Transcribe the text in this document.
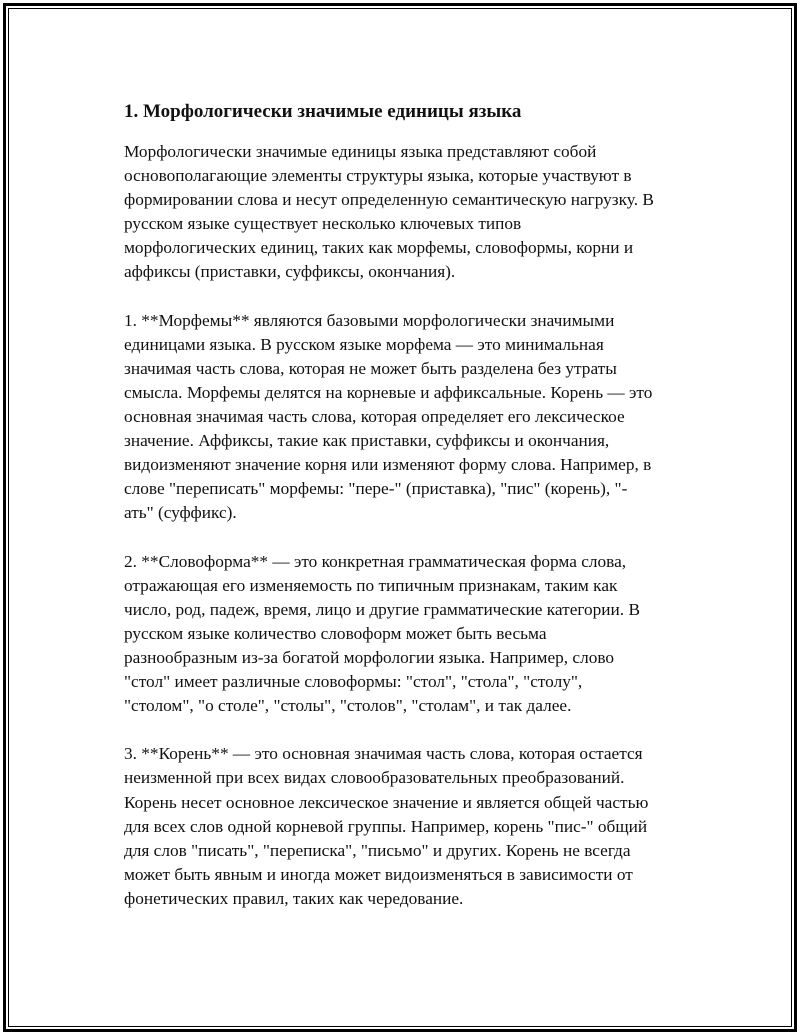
1. Морфологически значимые единицы языка

Морфологически значимые единицы языка представляют собой
основополагающие элементы структуры языка, которые участвуют в
формировании слова и несут определенную семантическую нагрузку. В
русском языке существует несколько ключевых типов
морфологических единиц, таких как морфемы, словоформы, корни и
аффиксы (приставки, суффиксы, окончания).

1. **Морфемы** являются базовыми морфологически значимыми
единицами языка. В русском языке морфема — это минимальная
значимая часть слова, которая не может быть разделена без утраты
смысла. Морфемы делятся на корневые и аффиксальные. Корень — это
основная значимая часть слова, которая определяет его лексическое
значение. Аффиксы, такие как приставки, суффиксы и окончания,
видоизменяют значение корня или изменяют форму слова. Например, в
слове "переписать" морфемы: "пере-" (приставка), "пис" (корень), "-
ать" (суффикс).

2. **Словоформа** — это конкретная грамматическая форма слова,
отражающая его изменяемость по типичным признакам, таким как
число, род, падеж, время, лицо и другие грамматические категории. В
русском языке количество словоформ может быть весьма
разнообразным из-за богатой морфологии языка. Например, слово
"стол" имеет различные словоформы: "стол", "стола", "столу",
"столом", "о столе", "столы", "столов", "столам", и так далее.

3. **Корень** — это основная значимая часть слова, которая остается
неизменной при всех видах словообразовательных преобразований.
Корень несет основное лексическое значение и является общей частью
для всех слов одной корневой группы. Например, корень "пис-" общий
для слов "писать", "переписка", "письмо" и других. Корень не всегда
может быть явным и иногда может видоизменяться в зависимости от
фонетических правил, таких как чередование.
